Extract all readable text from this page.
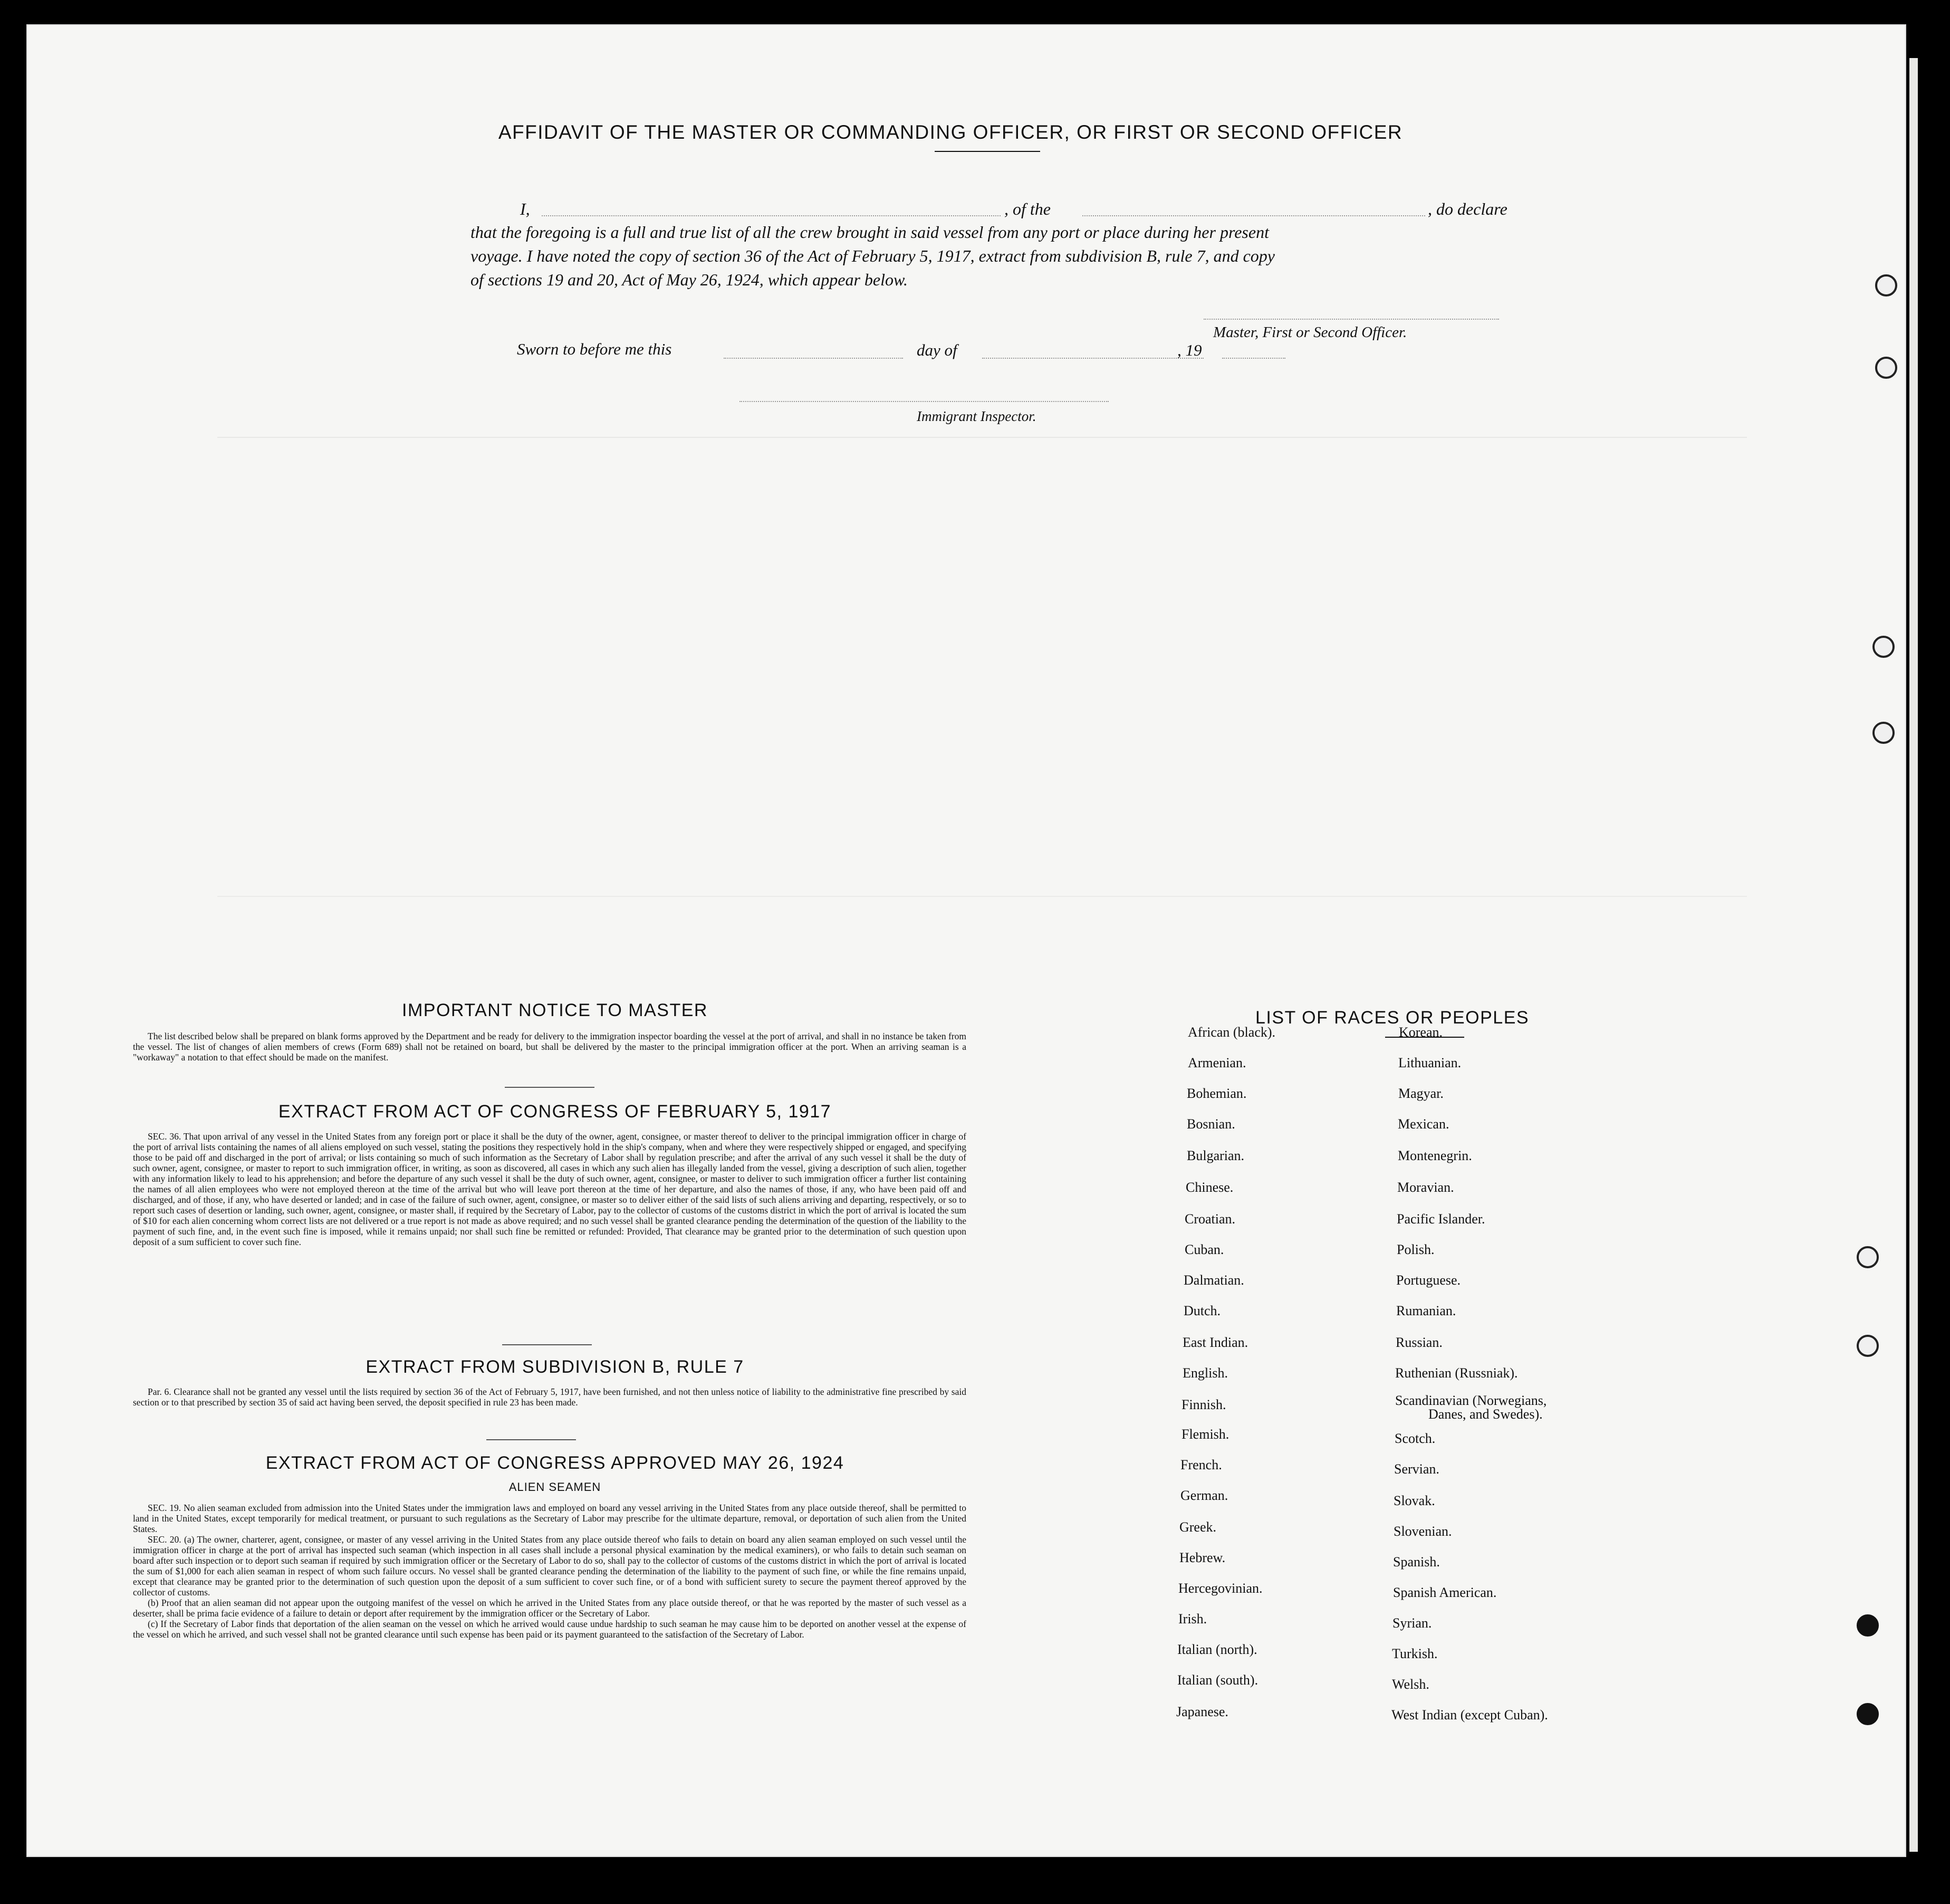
AFFIDAVIT OF THE MASTER OR COMMANDING OFFICER, OR FIRST OR SECOND OFFICER
I,	, of the	, do declare
that the foregoing is a full and true list of all the crew brought in said vessel from any port or place during her present
voyage. I have noted the copy of section 36 of the Act of February 5, 1917, extract from subdivision B, rule 7, and copy
of sections 19 and 20, Act of May 26, 1924, which appear below.
Master, First or Second Officer.
Sworn to before me this	day of	, 19
Immigrant Inspector.
IMPORTANT NOTICE TO MASTER

The list described below shall be prepared on blank forms approved by the Department and be ready for delivery to the immigration inspector boarding the vessel at the port of arrival, and shall in no instance be taken from the vessel. The list of changes of alien members of crews (Form 689) shall not be retained on board, but shall be delivered by the master to the principal immigration officer at the port. When an arriving seaman is a "workaway" a notation to that effect should be made on the manifest.

EXTRACT FROM ACT OF CONGRESS OF FEBRUARY 5, 1917

SEC. 36. That upon arrival of any vessel in the United States from any foreign port or place it shall be the duty of the owner, agent, consignee, or master thereof to deliver to the principal immigration officer in charge of the port of arrival lists containing the names of all aliens employed on such vessel, stating the positions they respectively hold in the ship's company, when and where they were respectively shipped or engaged, and specifying those to be paid off and discharged in the port of arrival; or lists containing so much of such information as the Secretary of Labor shall by regulation prescribe; and after the arrival of any such vessel it shall be the duty of such owner, agent, consignee, or master to report to such immigration officer, in writing, as soon as discovered, all cases in which any such alien has illegally landed from the vessel, giving a description of such alien, together with any information likely to lead to his apprehension; and before the departure of any such vessel it shall be the duty of such owner, agent, consignee, or master to deliver to such immigration officer a further list containing the names of all alien employees who were not employed thereon at the time of the arrival but who will leave port thereon at the time of her departure, and also the names of those, if any, who have been paid off and discharged, and of those, if any, who have deserted or landed; and in case of the failure of such owner, agent, consignee, or master so to deliver either of the said lists of such aliens arriving and departing, respectively, or so to report such cases of desertion or landing, such owner, agent, consignee, or master shall, if required by the Secretary of Labor, pay to the collector of customs of the customs district in which the port of arrival is located the sum of $10 for each alien concerning whom correct lists are not delivered or a true report is not made as above required; and no such vessel shall be granted clearance pending the determination of the question of the liability to the payment of such fine, and, in the event such fine is imposed, while it remains unpaid; nor shall such fine be remitted or refunded: Provided, That clearance may be granted prior to the determination of such question upon deposit of a sum sufficient to cover such fine.

EXTRACT FROM SUBDIVISION B, RULE 7

Par. 6. Clearance shall not be granted any vessel until the lists required by section 36 of the Act of February 5, 1917, have been furnished, and not then unless notice of liability to the administrative fine prescribed by said section or to that prescribed by section 35 of said act having been served, the deposit specified in rule 23 has been made.

EXTRACT FROM ACT OF CONGRESS APPROVED MAY 26, 1924
ALIEN SEAMEN

SEC. 19. No alien seaman excluded from admission into the United States under the immigration laws and employed on board any vessel arriving in the United States from any place outside thereof, shall be permitted to land in the United States, except temporarily for medical treatment, or pursuant to such regulations as the Secretary of Labor may prescribe for the ultimate departure, removal, or deportation of such alien from the United States.

SEC. 20. (a) The owner, charterer, agent, consignee, or master of any vessel arriving in the United States from any place outside thereof who fails to detain on board any alien seaman employed on such vessel until the immigration officer in charge at the port of arrival has inspected such seaman (which inspection in all cases shall include a personal physical examination by the medical examiners), or who fails to detain such seaman on board after such inspection or to deport such seaman if required by such immigration officer or the Secretary of Labor to do so, shall pay to the collector of customs of the customs district in which the port of arrival is located the sum of $1,000 for each alien seaman in respect of whom such failure occurs. No vessel shall be granted clearance pending the determination of the liability to the payment of such fine, or while the fine remains unpaid, except that clearance may be granted prior to the determination of such question upon the deposit of a sum sufficient to cover such fine, or of a bond with sufficient surety to secure the payment thereof approved by the collector of customs.

(b) Proof that an alien seaman did not appear upon the outgoing manifest of the vessel on which he arrived in the United States from any place outside thereof, or that he was reported by the master of such vessel as a deserter, shall be prima facie evidence of a failure to detain or deport after requirement by the immigration officer or the Secretary of Labor.

(c) If the Secretary of Labor finds that deportation of the alien seaman on the vessel on which he arrived would cause undue hardship to such seaman he may cause him to be deported on another vessel at the expense of the vessel on which he arrived, and such vessel shall not be granted clearance until such expense has been paid or its payment guaranteed to the satisfaction of the Secretary of Labor.

LIST OF RACES OR PEOPLES
African (black).
Armenian.
Bohemian.
Bosnian.
Bulgarian.
Chinese.
Croatian.
Cuban.
Dalmatian.
Dutch.
East Indian.
English.
Finnish.
Flemish.
French.
German.
Greek.
Hebrew.
Hercegovinian.
Irish.
Italian (north).
Italian (south).
Japanese.
Korean.
Lithuanian.
Magyar.
Mexican.
Montenegrin.
Moravian.
Pacific Islander.
Polish.
Portuguese.
Rumanian.
Russian.
Ruthenian (Russniak).
Scandinavian (Norwegians,
Danes, and Swedes).
Scotch.
Servian.
Slovak.
Slovenian.
Spanish.
Spanish American.
Syrian.
Turkish.
Welsh.
West Indian (except Cuban).
